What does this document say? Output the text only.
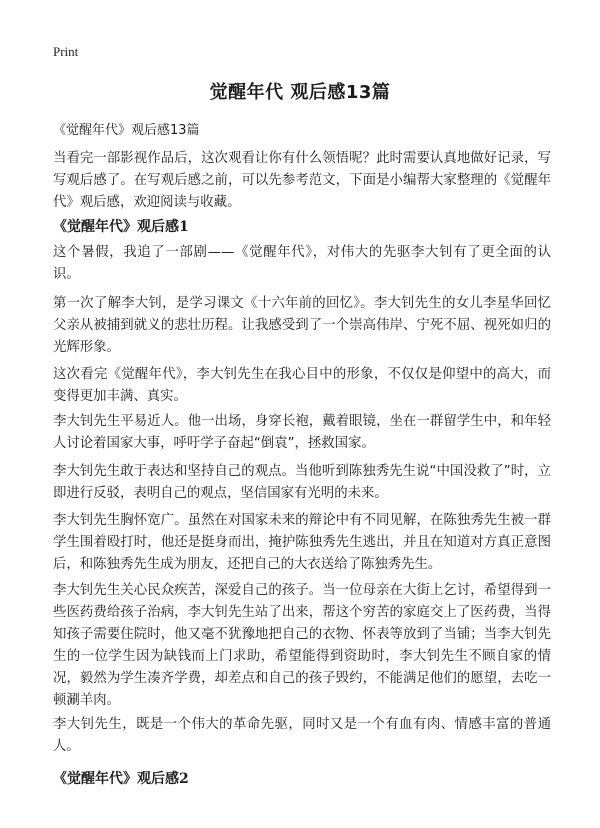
Print
觉醒年代 观后感13篇
《觉醒年代》观后感13篇

当看完一部影视作品后，这次观看让你有什么领悟呢？此时需要认真地做好记录，写写观后感了。在写观后感之前，可以先参考范文，下面是小编帮大家整理的《觉醒年代》观后感，欢迎阅读与收藏。

《觉醒年代》观后感1

这个暑假，我追了一部剧——《觉醒年代》，对伟大的先驱李大钊有了更全面的认识。

第一次了解李大钊，是学习课文《十六年前的回忆》。李大钊先生的女儿李星华回忆父亲从被捕到就义的悲壮历程。让我感受到了一个崇高伟岸、宁死不屈、视死如归的光辉形象。

这次看完《觉醒年代》，李大钊先生在我心目中的形象，不仅仅是仰望中的高大，而变得更加丰满、真实。

李大钊先生平易近人。他一出场，身穿长袍，戴着眼镜，坐在一群留学生中，和年轻人讨论着国家大事，呼吁学子奋起“倒袁”，拯救国家。

李大钊先生敢于表达和坚持自己的观点。当他听到陈独秀先生说“中国没救了”时，立即进行反驳，表明自己的观点，坚信国家有光明的未来。

李大钊先生胸怀宽广。虽然在对国家未来的辩论中有不同见解，在陈独秀先生被一群学生围着殴打时，他还是挺身而出，掩护陈独秀先生逃出，并且在知道对方真正意图后，和陈独秀先生成为朋友，还把自己的大衣送给了陈独秀先生。

李大钊先生关心民众疾苦，深爱自己的孩子。当一位母亲在大街上乞讨，希望得到一些医药费给孩子治病，李大钊先生站了出来，帮这个穷苦的家庭交上了医药费，当得知孩子需要住院时，他又毫不犹豫地把自己的衣物、怀表等放到了当铺；当李大钊先生的一位学生因为缺钱而上门求助，希望能得到资助时，李大钊先生不顾自家的情况，毅然为学生凑齐学费，却差点和自己的孩子毁约，不能满足他们的愿望，去吃一顿涮羊肉。

李大钊先生，既是一个伟大的革命先驱，同时又是一个有血有肉、情感丰富的普通人。

《觉醒年代》观后感2
